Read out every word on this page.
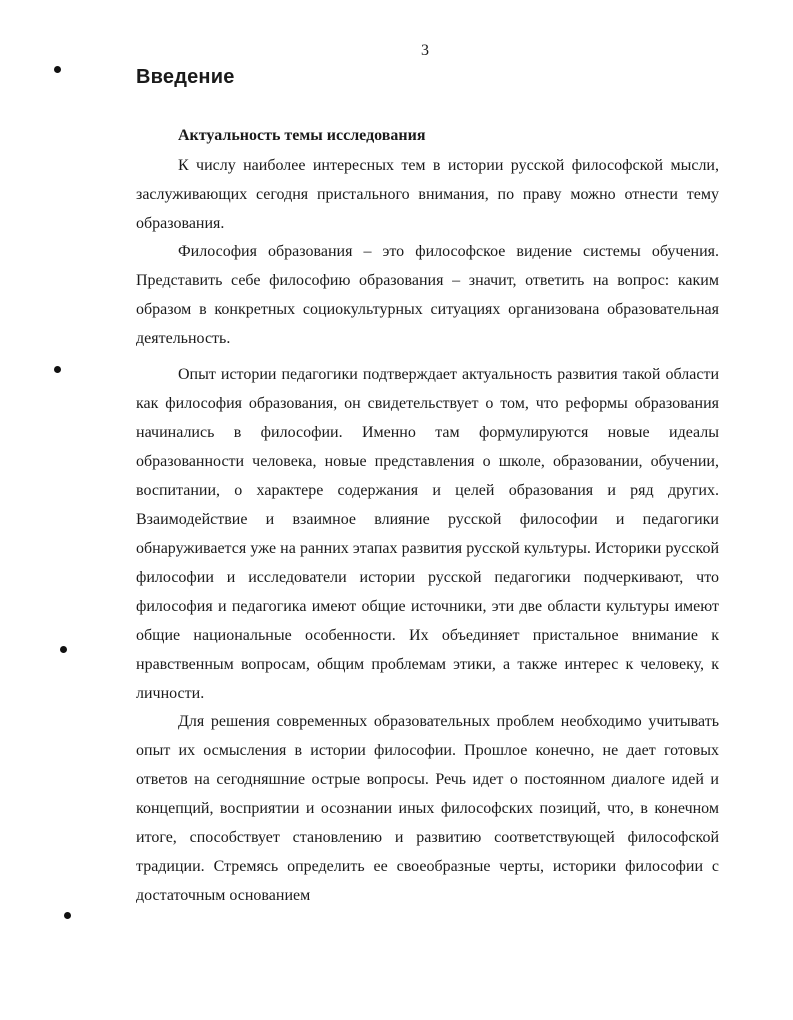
3
Введение
Актуальность темы исследования

К числу наиболее интересных тем в истории русской философской мысли, заслуживающих сегодня пристального внимания, по праву можно отнести тему образования.

Философия образования – это философское видение системы обучения. Представить себе философию образования – значит, ответить на вопрос: каким образом в конкретных социокультурных ситуациях организована образовательная деятельность.

Опыт истории педагогики подтверждает актуальность развития такой области как философия образования, он свидетельствует о том, что реформы образования начинались в философии. Именно там формулируются новые идеалы образованности человека, новые представления о школе, образовании, обучении, воспитании, о характере содержания и целей образования и ряд других. Взаимодействие и взаимное влияние русской философии и педагогики обнаруживается уже на ранних этапах развития русской культуры. Историки русской философии и исследователи истории русской педагогики подчеркивают, что философия и педагогика имеют общие источники, эти две области культуры имеют общие национальные особенности. Их объединяет пристальное внимание к нравственным вопросам, общим проблемам этики, а также интерес к человеку, к личности.

Для решения современных образовательных проблем необходимо учитывать опыт их осмысления в истории философии. Прошлое конечно, не дает готовых ответов на сегодняшние острые вопросы. Речь идет о постоянном диалоге идей и концепций, восприятии и осознании иных философских позиций, что, в конечном итоге, способствует становлению и развитию соответствующей философской традиции. Стремясь определить ее своеобразные черты, историки философии с достаточным основанием
